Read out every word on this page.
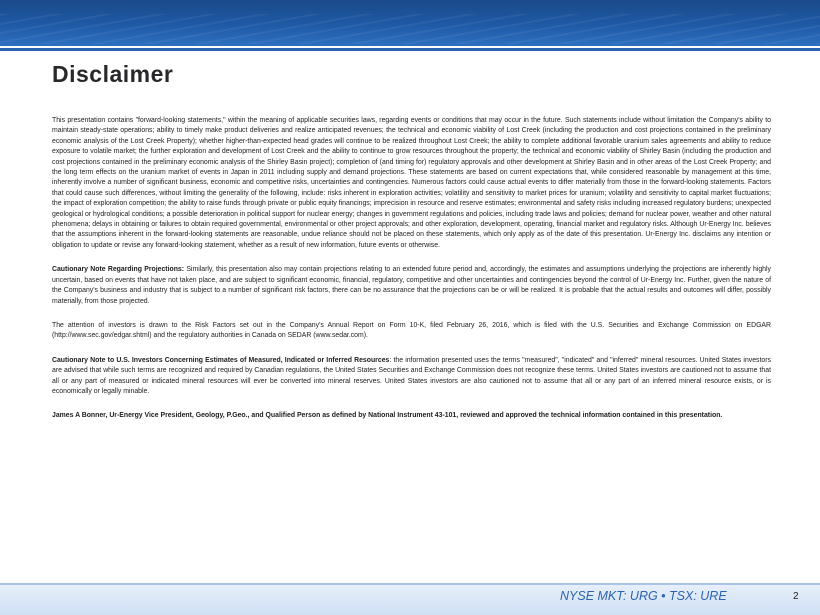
Disclaimer

This presentation contains "forward-looking statements," within the meaning of applicable securities laws, regarding events or conditions that may occur in the future. Such statements include without limitation the Company's ability to maintain steady-state operations; ability to timely make product deliveries and realize anticipated revenues; the technical and economic viability of Lost Creek (including the production and cost projections contained in the preliminary economic analysis of the Lost Creek Property); whether higher-than-expected head grades will continue to be realized throughout Lost Creek; the ability to complete additional favorable uranium sales agreements and ability to reduce exposure to volatile market; the further exploration and development of Lost Creek and the ability to continue to grow resources throughout the property; the technical and economic viability of Shirley Basin (including the production and cost projections contained in the preliminary economic analysis of the Shirley Basin project); completion of (and timing for) regulatory approvals and other development at Shirley Basin and in other areas of the Lost Creek Property; and the long term effects on the uranium market of events in Japan in 2011 including supply and demand projections. These statements are based on current expectations that, while considered reasonable by management at this time, inherently involve a number of significant business, economic and competitive risks, uncertainties and contingencies. Numerous factors could cause actual events to differ materially from those in the forward-looking statements. Factors that could cause such differences, without limiting the generality of the following, include: risks inherent in exploration activities; volatility and sensitivity to market prices for uranium; volatility and sensitivity to capital market fluctuations; the impact of exploration competition; the ability to raise funds through private or public equity financings; imprecision in resource and reserve estimates; environmental and safety risks including increased regulatory burdens; unexpected geological or hydrological conditions; a possible deterioration in political support for nuclear energy; changes in government regulations and policies, including trade laws and policies; demand for nuclear power, weather and other natural phenomena; delays in obtaining or failures to obtain required governmental, environmental or other project approvals; and other exploration, development, operating, financial market and regulatory risks. Although Ur-Energy Inc. believes that the assumptions inherent in the forward-looking statements are reasonable, undue reliance should not be placed on these statements, which only apply as of the date of this presentation. Ur-Energy Inc. disclaims any intention or obligation to update or revise any forward-looking statement, whether as a result of new information, future events or otherwise.

Cautionary Note Regarding Projections: Similarly, this presentation also may contain projections relating to an extended future period and, accordingly, the estimates and assumptions underlying the projections are inherently highly uncertain, based on events that have not taken place, and are subject to significant economic, financial, regulatory, competitive and other uncertainties and contingencies beyond the control of Ur-Energy Inc. Further, given the nature of the Company's business and industry that is subject to a number of significant risk factors, there can be no assurance that the projections can be or will be realized. It is probable that the actual results and outcomes will differ, possibly materially, from those projected.

The attention of investors is drawn to the Risk Factors set out in the Company's Annual Report on Form 10-K, filed February 26, 2016, which is filed with the U.S. Securities and Exchange Commission on EDGAR (http://www.sec.gov/edgar.shtml) and the regulatory authorities in Canada on SEDAR (www.sedar.com).

Cautionary Note to U.S. Investors Concerning Estimates of Measured, Indicated or Inferred Resources: the information presented uses the terms "measured", "indicated" and "inferred" mineral resources. United States investors are advised that while such terms are recognized and required by Canadian regulations, the United States Securities and Exchange Commission does not recognize these terms. United States investors are cautioned not to assume that all or any part of measured or indicated mineral resources will ever be converted into mineral reserves. United States investors are also cautioned not to assume that all or any part of an inferred mineral resource exists, or is economically or legally minable.

James A Bonner, Ur-Energy Vice President, Geology, P.Geo., and Qualified Person as defined by National Instrument 43-101, reviewed and approved the technical information contained in this presentation.

NYSE MKT: URG • TSX: URE	2
